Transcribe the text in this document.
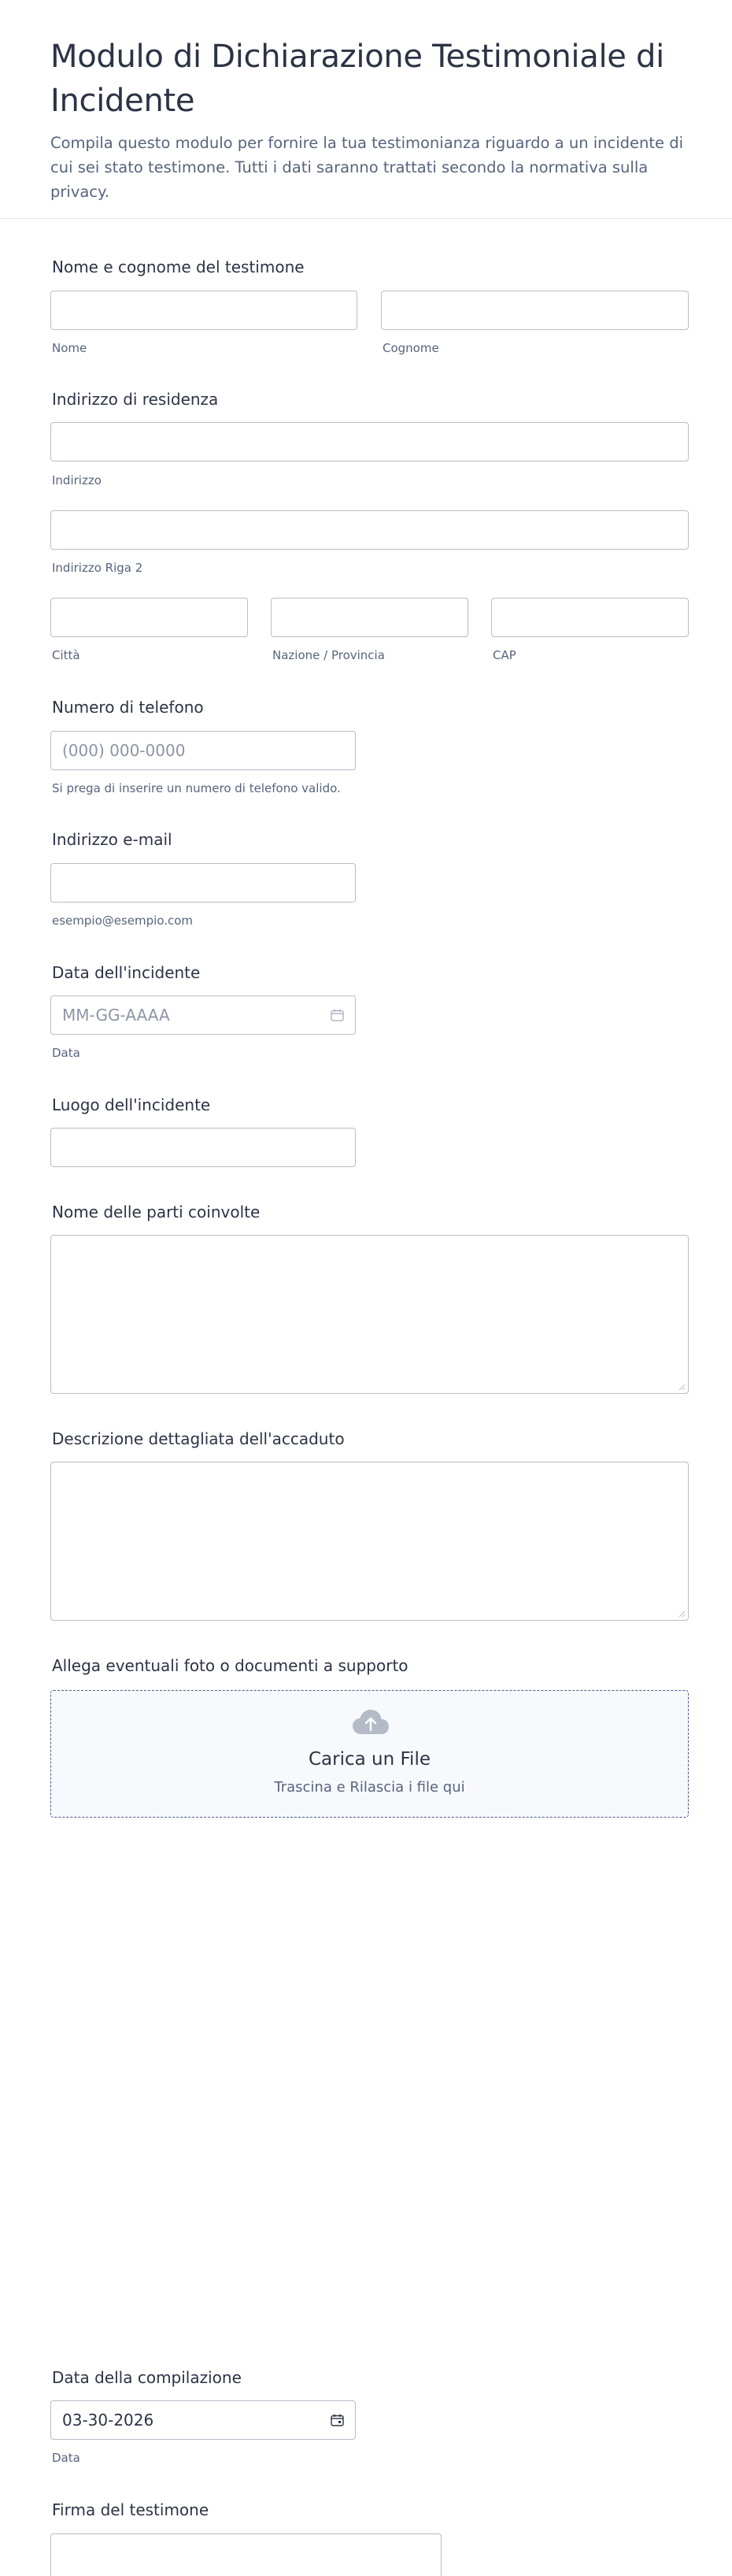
Modulo di Dichiarazione Testimoniale di Incidente

Compila questo modulo per fornire la tua testimonianza riguardo a un incidente di cui sei stato testimone. Tutti i dati saranno trattati secondo la normativa sulla privacy.

Nome e cognome del testimone
Nome	Cognome
Indirizzo di residenza
Indirizzo
Indirizzo Riga 2
Città	Nazione / Provincia	CAP
Numero di telefono
(000) 000-0000
Si prega di inserire un numero di telefono valido.
Indirizzo e-mail
esempio@esempio.com
Data dell'incidente
MM-GG-AAAA
Data
Luogo dell'incidente
Nome delle parti coinvolte
Descrizione dettagliata dell'accaduto
Allega eventuali foto o documenti a supporto
Carica un File
Trascina e Rilascia i file qui
Data della compilazione
03-30-2026
Data
Firma del testimone
